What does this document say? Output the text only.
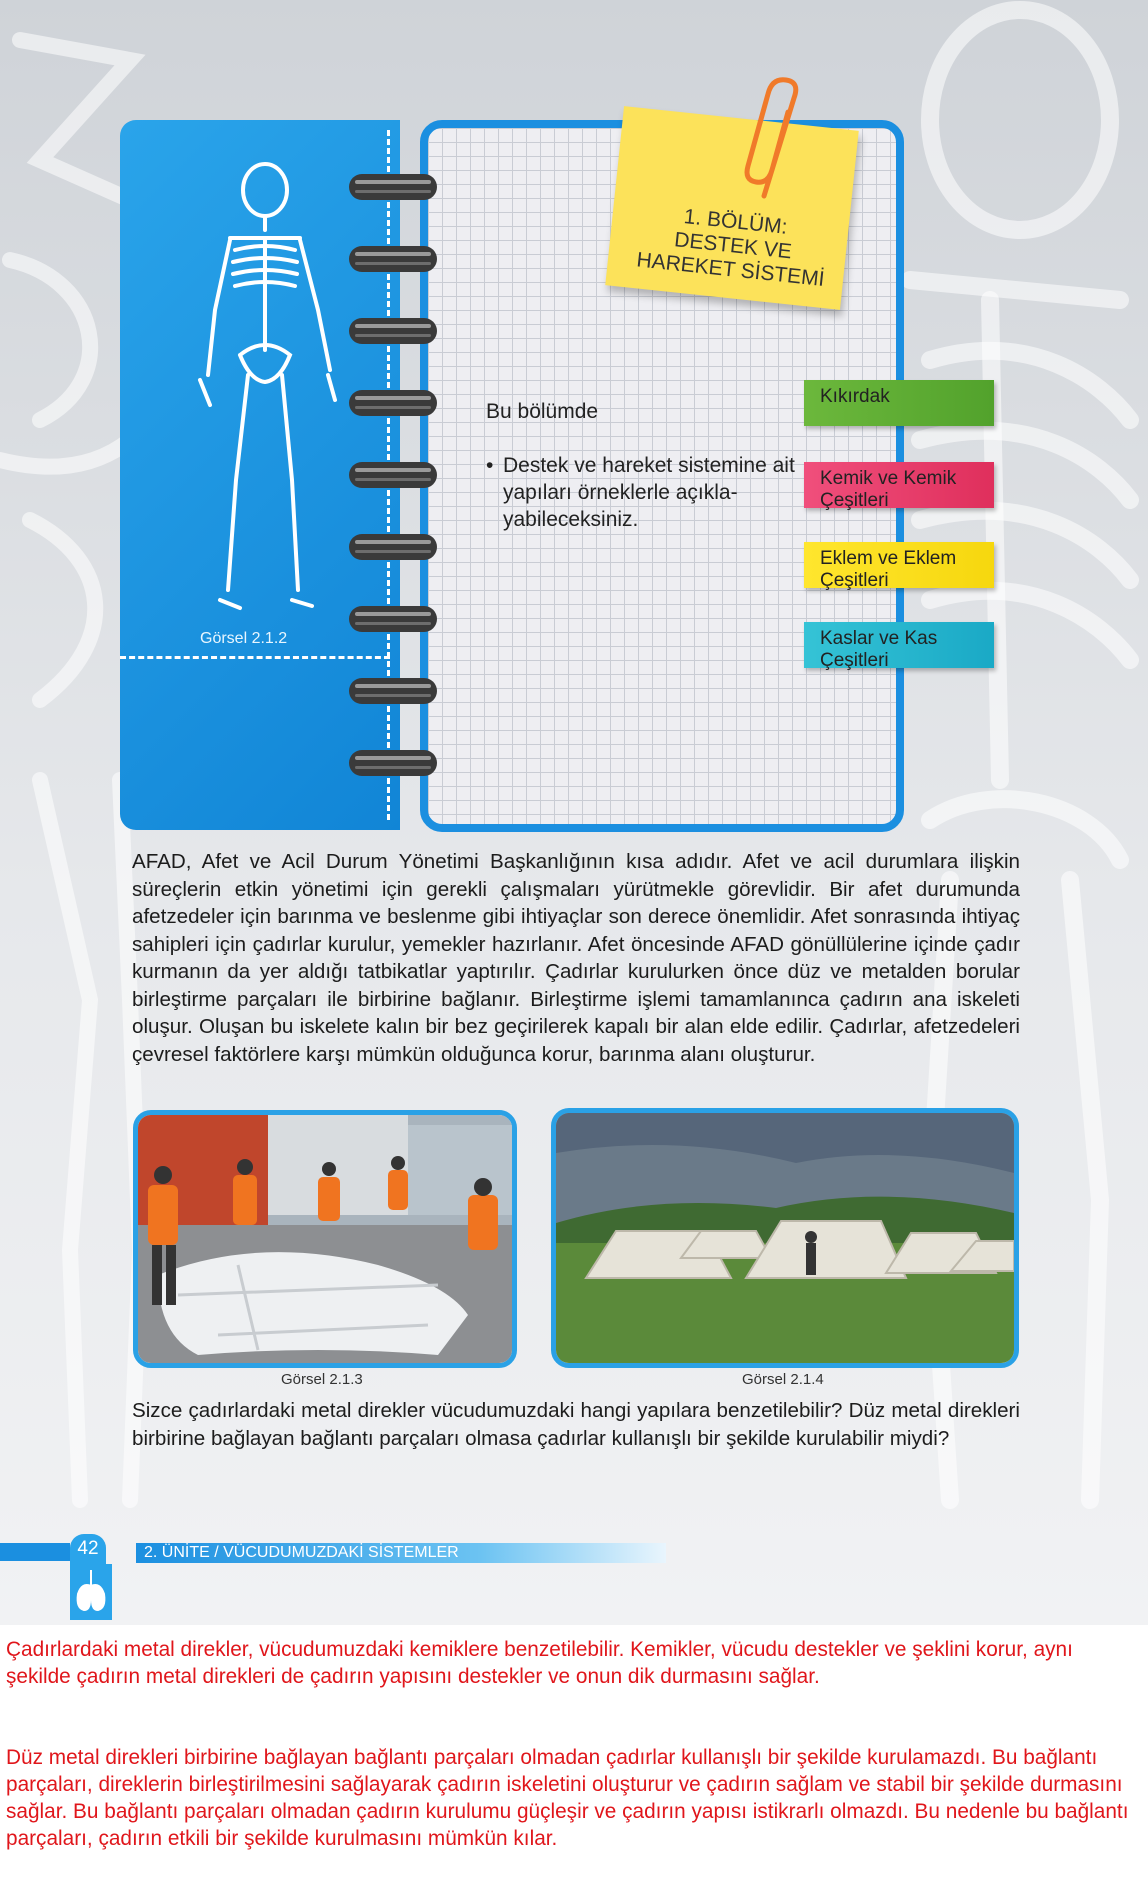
Görsel 2.1.2
1. BÖLÜM:
DESTEK VE
HAREKET SİSTEMİ
Bu bölümde
• Destek ve hareket sistemine ait yapıları örneklerle açıkla-yabileceksiniz.
Kıkırdak
Kemik ve Kemik Çeşitleri
Eklem ve Eklem Çeşitleri
Kaslar ve Kas Çeşitleri
AFAD, Afet ve Acil Durum Yönetimi Başkanlığının kısa adıdır. Afet ve acil durumlara ilişkin süreçlerin etkin yönetimi için gerekli çalışmaları yürütmekle görevlidir. Bir afet durumunda afetzedeler için barınma ve beslenme gibi ihtiyaçlar son derece önemlidir. Afet sonrasında ihtiyaç sahipleri için çadırlar kurulur, yemekler hazırlanır. Afet öncesinde AFAD gönüllülerine içinde çadır kurmanın da yer aldığı tatbikatlar yaptırılır. Çadırlar kurulurken önce düz ve metalden borular birleştirme parçaları ile birbirine bağlanır. Birleştirme işlemi tamamlanınca çadırın ana iskeleti oluşur. Oluşan bu iskelete kalın bir bez geçirilerek kapalı bir alan elde edilir. Çadırlar, afetzedeleri çevresel faktörlere karşı mümkün olduğunca korur, barınma alanı oluşturur.
Görsel 2.1.3	Görsel 2.1.4
Sizce çadırlardaki metal direkler vücudumuzdaki hangi yapılara benzetilebilir? Düz metal direkleri birbirine bağlayan bağlantı parçaları olmasa çadırlar kullanışlı bir şekilde kurulabilir miydi?
42	2. ÜNİTE / VÜCUDUMUZDAKİ SİSTEMLER
Çadırlardaki metal direkler, vücudumuzdaki kemiklere benzetilebilir. Kemikler, vücudu destekler ve şeklini korur, aynı şekilde çadırın metal direkleri de çadırın yapısını destekler ve onun dik durmasını sağlar.
Düz metal direkleri birbirine bağlayan bağlantı parçaları olmadan çadırlar kullanışlı bir şekilde kurulamazdı. Bu bağlantı parçaları, direklerin birleştirilmesini sağlayarak çadırın iskeletini oluşturur ve çadırın sağlam ve stabil bir şekilde durmasını sağlar. Bu bağlantı parçaları olmadan çadırın kurulumu güçleşir ve çadırın yapısı istikrarlı olmazdı. Bu nedenle bu bağlantı parçaları, çadırın etkili bir şekilde kurulmasını mümkün kılar.
